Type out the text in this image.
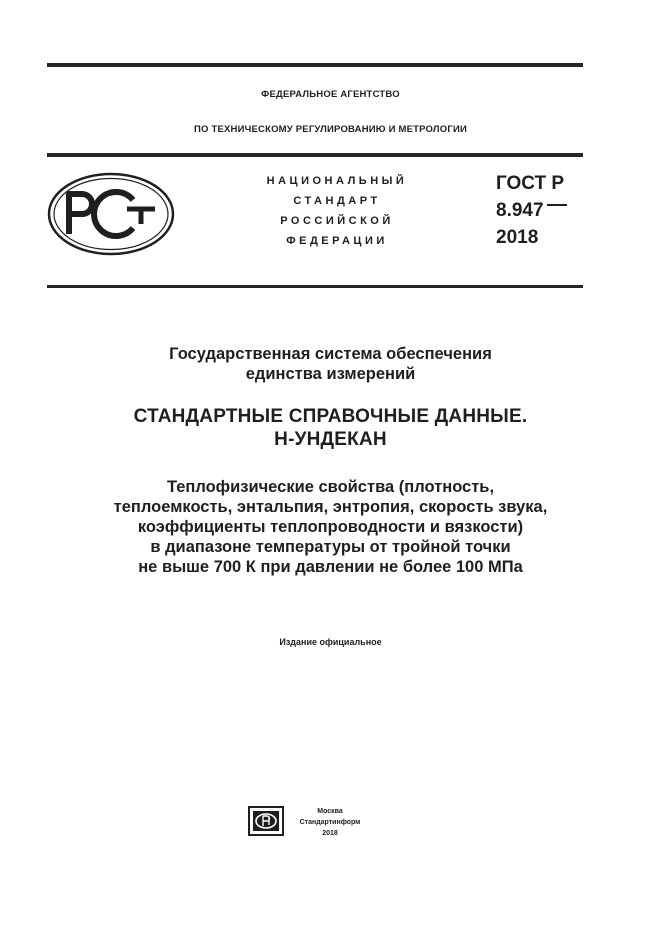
ФЕДЕРАЛЬНОЕ АГЕНТСТВО
ПО ТЕХНИЧЕСКОМУ РЕГУЛИРОВАНИЮ И МЕТРОЛОГИИ
НАЦИОНАЛЬНЫЙ
СТАНДАРТ
РОССИЙСКОЙ
ФЕДЕРАЦИИ
ГОСТ Р
8.947
2018
Государственная система обеспечения
единства измерений
СТАНДАРТНЫЕ СПРАВОЧНЫЕ ДАННЫЕ.
Н-УНДЕКАН
Теплофизические свойства (плотность,
теплоемкость, энтальпия, энтропия, скорость звука,
коэффициенты теплопроводности и вязкости)
в диапазоне температуры от тройной точки
не выше 700 К при давлении не более 100 МПа
Издание официальное
Москва
Стандартинформ
2018
